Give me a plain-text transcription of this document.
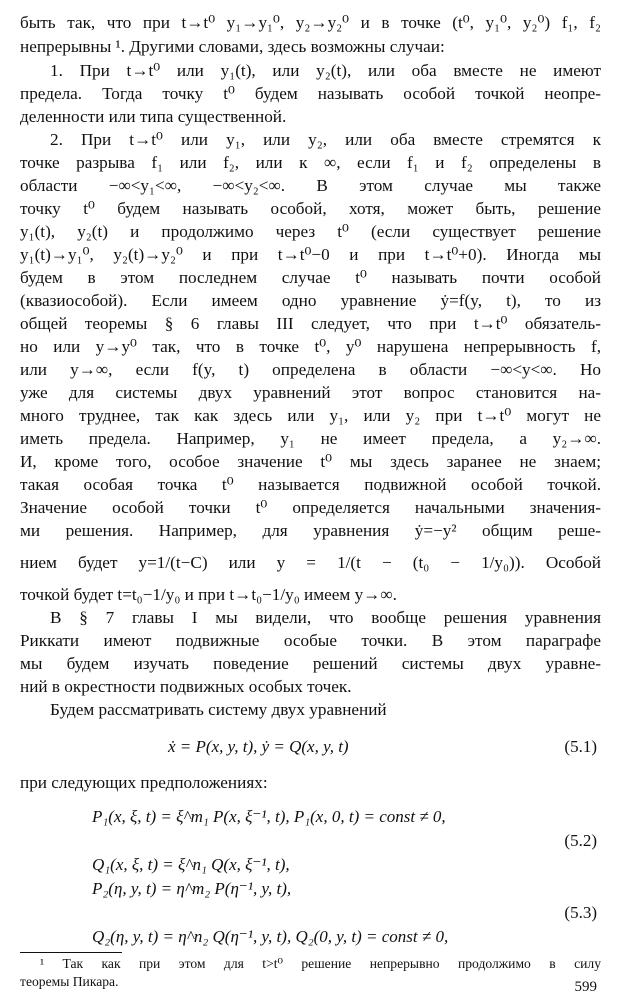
быть так, что при t→t⁰ y₁→y₁⁰, y₂→y₂⁰ и в точке (t⁰, y₁⁰, y₂⁰) f₁, f₂
непрерывны ¹. Другими словами, здесь возможны случаи:
1. При t→t⁰ или y₁(t), или y₂(t), или оба вместе не имеют
предела. Тогда точку t⁰ будем называть особой точкой неопре-
деленности или типа существенной.
2. При t→t⁰ или y₁, или y₂, или оба вместе стремятся к
точке разрыва f₁ или f₂, или к ∞, если f₁ и f₂ определены в
области −∞<y₁<∞, −∞<y₂<∞. В этом случае мы также
точку t⁰ будем называть особой, хотя, может быть, решение
y₁(t), y₂(t) и продолжимо через t⁰ (если существует решение
y₁(t)→y₁⁰, y₂(t)→y₂⁰ и при t→t⁰−0 и при t→t⁰+0). Иногда мы
будем в этом последнем случае t⁰ называть почти особой
(квазиособой). Если имеем одно уравнение ẏ=f(y, t), то из
общей теоремы § 6 главы III следует, что при t→t⁰ обязатель-
но или y→y⁰ так, что в точке t⁰, y⁰ нарушена непрерывность f,
или y→∞, если f(y, t) определена в области −∞<y<∞. Но
уже для системы двух уравнений этот вопрос становится на-
много труднее, так как здесь или y₁, или y₂ при t→t⁰ могут не
иметь предела. Например, y₁ не имеет предела, а y₂→∞.
И, кроме того, особое значение t⁰ мы здесь заранее не знаем;
такая особая точка t⁰ называется подвижной особой точкой.
Значение особой точки t⁰ определяется начальными значения-
ми решения. Например, для уравнения ẏ=−y² общим реше-
нием будет y=1/(t−C) или y = 1/(t − (t₀ − 1/y₀)). Особой
точкой будет t=t₀−1/y₀ и при t→t₀−1/y₀ имеем y→∞.
В § 7 главы I мы видели, что вообще решения уравнения
Риккати имеют подвижные особые точки. В этом параграфе
мы будем изучать поведение решений системы двух уравне-
ний в окрестности подвижных особых точек.
Будем рассматривать систему двух уравнений
ẋ = P(x, y, t), ẏ = Q(x, y, t)	(5.1)
при следующих предположениях:
P₁(x, ξ, t) = ξ^m₁ P(x, ξ⁻¹, t), P₁(x, 0, t) = const ≠ 0,
(5.2)
Q₁(x, ξ, t) = ξ^n₁ Q(x, ξ⁻¹, t),
P₂(η, y, t) = η^m₂ P(η⁻¹, y, t),
(5.3)
Q₂(η, y, t) = η^n₂ Q(η⁻¹, y, t), Q₂(0, y, t) = const ≠ 0,
¹ Так как при этом для t>t⁰ решение непрерывно продолжимо в силу
теоремы Пикара.	599
